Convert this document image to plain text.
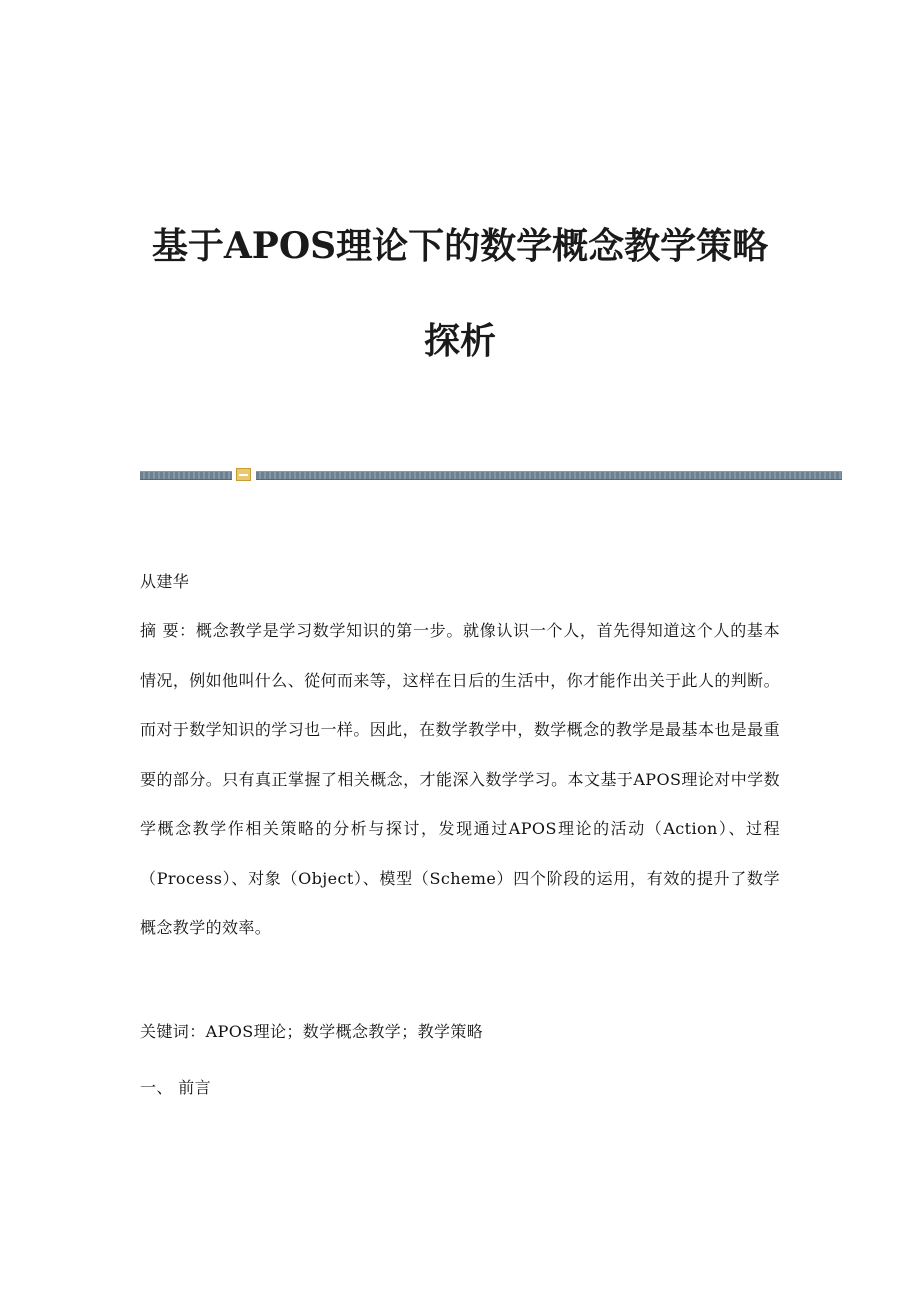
基于APOS理论下的数学概念教学策略
探析
从建华
摘 要：概念教学是学习数学知识的第一步。就像认识一个人，首先得知道这个人的基本情况，例如他叫什么、從何而来等，这样在日后的生活中，你才能作出关于此人的判断。而对于数学知识的学习也一样。因此，在数学教学中，数学概念的教学是最基本也是最重要的部分。只有真正掌握了相关概念，才能深入数学学习。本文基于APOS理论对中学数学概念教学作相关策略的分析与探讨，发现通过APOS理论的活动（Action）、过程（Process）、对象（Object）、模型（Scheme）四个阶段的运用，有效的提升了数学概念教学的效率。
关键词：APOS理论；数学概念教学；教学策略
一、 前言
